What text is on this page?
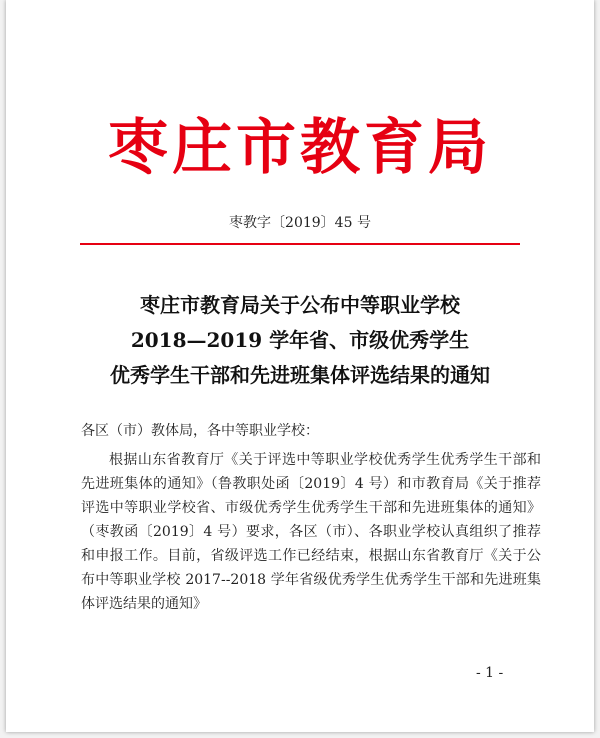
枣庄市教育局
枣教字〔2019〕45 号
枣庄市教育局关于公布中等职业学校
2018—2019 学年省、市级优秀学生
优秀学生干部和先进班集体评选结果的通知

各区（市）教体局，各中等职业学校：

根据山东省教育厅《关于评选中等职业学校优秀学生优秀学生干部和先进班集体的通知》（鲁教职处函〔2019〕4 号）和市教育局《关于推荐评选中等职业学校省、市级优秀学生优秀学生干部和先进班集体的通知》（枣教函〔2019〕4 号）要求，各区（市）、各职业学校认真组织了推荐和申报工作。目前，省级评选工作已经结束，根据山东省教育厅《关于公布中等职业学校 2017--2018 学年省级优秀学生优秀学生干部和先进班集体评选结果的通知》

- 1 -
